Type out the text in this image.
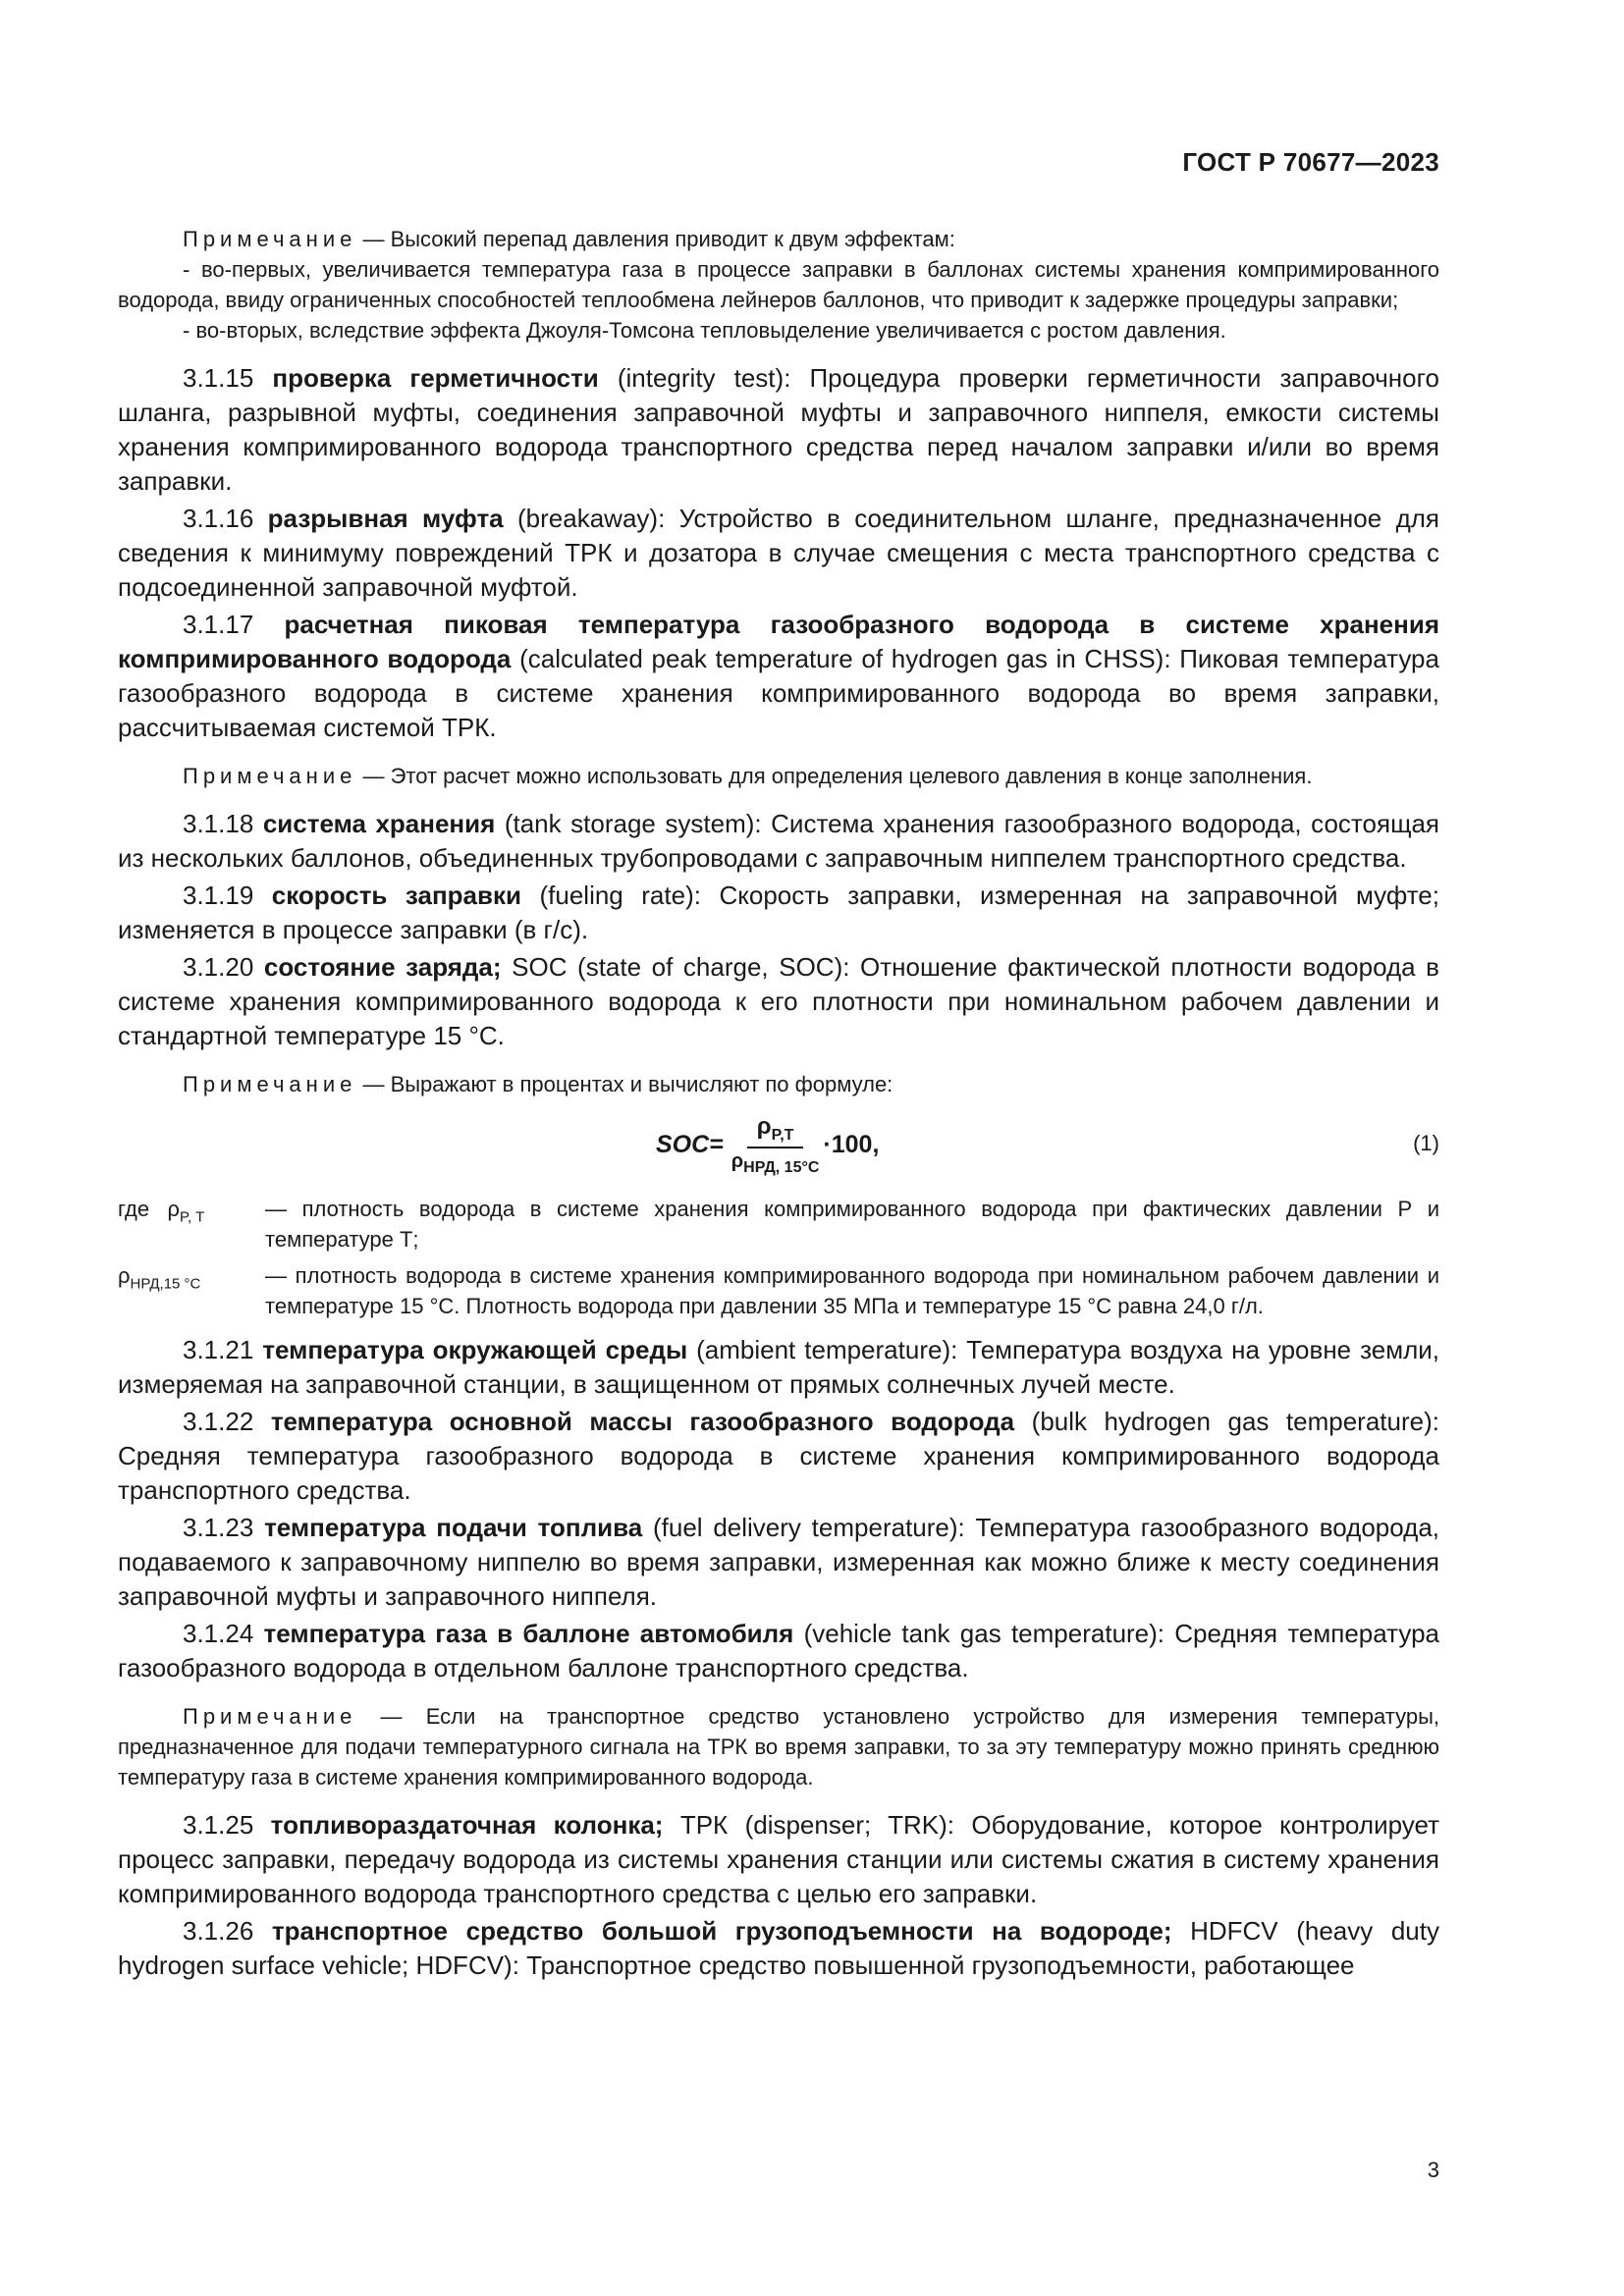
ГОСТ Р 70677—2023

Примечание — Высокий перепад давления приводит к двум эффектам:

- во-первых, увеличивается температура газа в процессе заправки в баллонах системы хранения компримированного водорода, ввиду ограниченных способностей теплообмена лейнеров баллонов, что приводит к задержке процедуры заправки;

- во-вторых, вследствие эффекта Джоуля-Томсона тепловыделение увеличивается с ростом давления.

3.1.15 проверка герметичности (integrity test): Процедура проверки герметичности заправочного шланга, разрывной муфты, соединения заправочной муфты и заправочного ниппеля, емкости системы хранения компримированного водорода транспортного средства перед началом заправки и/или во время заправки.

3.1.16 разрывная муфта (breakaway): Устройство в соединительном шланге, предназначенное для сведения к минимуму повреждений ТРК и дозатора в случае смещения с места транспортного средства с подсоединенной заправочной муфтой.

3.1.17 расчетная пиковая температура газообразного водорода в системе хранения компримированного водорода (calculated peak temperature of hydrogen gas in CHSS): Пиковая температура газообразного водорода в системе хранения компримированного водорода во время заправки, рассчитываемая системой ТРК.

Примечание — Этот расчет можно использовать для определения целевого давления в конце заполнения.

3.1.18 система хранения (tank storage system): Система хранения газообразного водорода, состоящая из нескольких баллонов, объединенных трубопроводами с заправочным ниппелем транспортного средства.

3.1.19 скорость заправки (fueling rate): Скорость заправки, измеренная на заправочной муфте; изменяется в процессе заправки (в г/с).

3.1.20 состояние заряда; SOC (state of charge, SOC): Отношение фактической плотности водорода в системе хранения компримированного водорода к его плотности при номинальном рабочем давлении и стандартной температуре 15 °С.

Примечание — Выражают в процентах и вычисляют по формуле:

$SOC= \frac{\rho_{P,T}}{\rho_{НРД, 15^\circ С}} \cdot 100$,	(1)
где $\rho_{P, T}$	— плотность водорода в системе хранения компримированного водорода при фактических давлении Р и температуре Т;
$\rho_{НРД,15 ^\circ С}$	— плотность водорода в системе хранения компримированного водорода при номинальном рабочем давлении и температуре 15 °С. Плотность водорода при давлении 35 МПа и температуре 15 °С равна 24,0 г/л.

3.1.21 температура окружающей среды (ambient temperature): Температура воздуха на уровне земли, измеряемая на заправочной станции, в защищенном от прямых солнечных лучей месте.

3.1.22 температура основной массы газообразного водорода (bulk hydrogen gas temperature): Средняя температура газообразного водорода в системе хранения компримированного водорода транспортного средства.

3.1.23 температура подачи топлива (fuel delivery temperature): Температура газообразного водорода, подаваемого к заправочному ниппелю во время заправки, измеренная как можно ближе к месту соединения заправочной муфты и заправочного ниппеля.

3.1.24 температура газа в баллоне автомобиля (vehicle tank gas temperature): Средняя температура газообразного водорода в отдельном баллоне транспортного средства.

Примечание — Если на транспортное средство установлено устройство для измерения температуры, предназначенное для подачи температурного сигнала на ТРК во время заправки, то за эту температуру можно принять среднюю температуру газа в системе хранения компримированного водорода.

3.1.25 топливораздаточная колонка; ТРК (dispenser; TRK): Оборудование, которое контролирует процесс заправки, передачу водорода из системы хранения станции или системы сжатия в систему хранения компримированного водорода транспортного средства с целью его заправки.

3.1.26 транспортное средство большой грузоподъемности на водороде; HDFCV (heavy duty hydrogen surface vehicle; HDFCV): Транспортное средство повышенной грузоподъемности, работающее

3
